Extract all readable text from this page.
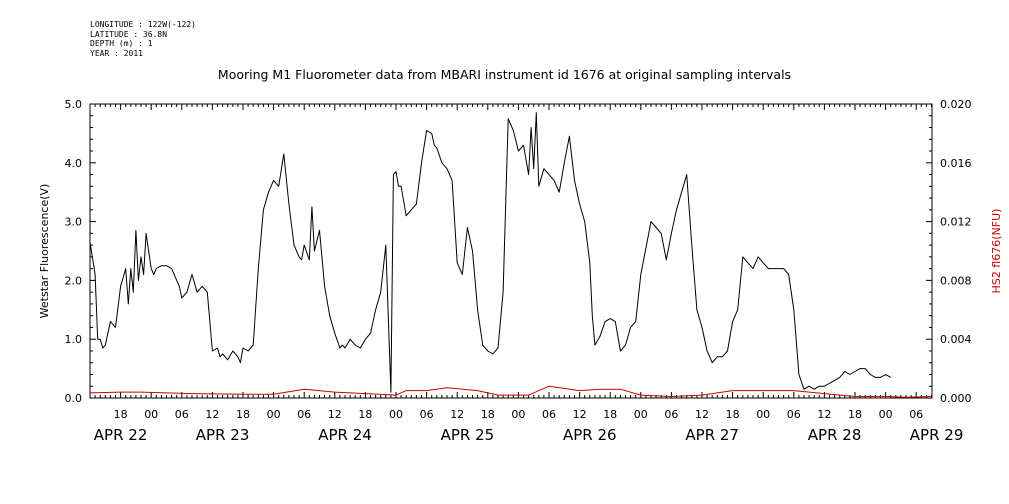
LONGITUDE : 122W(-122)
LATITUDE : 36.8N
DEPTH (m) : 1
YEAR : 2011
Mooring M1 Fluorometer data from MBARI instrument id 1676 at original sampling intervals
18 00 06 12 18 00 06 12 18 00 06 12 18 00 06 12 18 00 06 12 18 00 06 12 18 00 06
APR 22	APR 23	APR 24	APR 25	APR 26	APR 27	APR 28	APR 29
0.0
1.0
2.0
3.0
4.0
5.0
0.000
0.004
0.008
0.012
0.016
0.020
Wetstar Fluorescence(V)	HS2 fl676(NFU)
